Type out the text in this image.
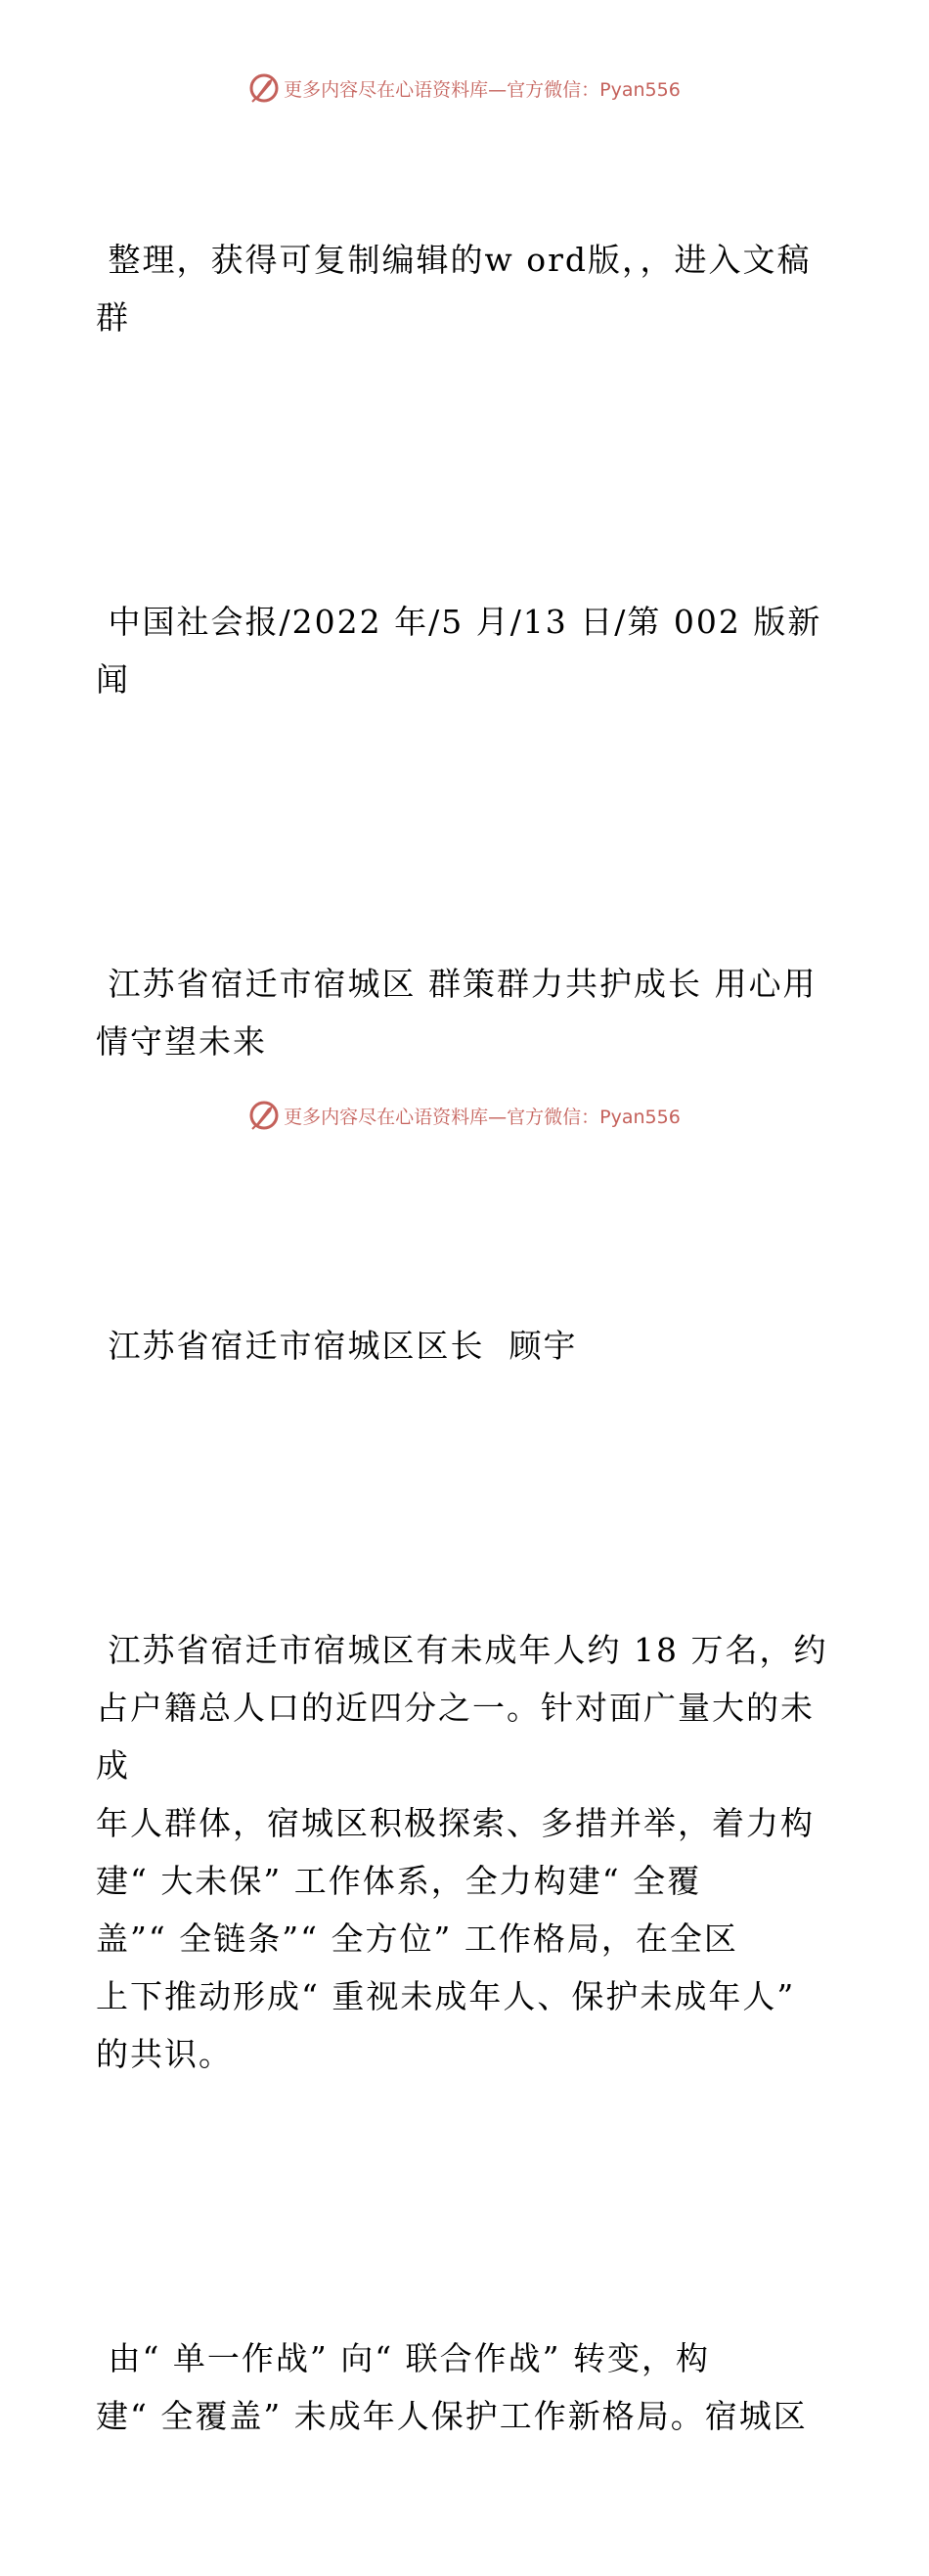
更多内容尽在心语资料库—官方微信：Pyan556

整理，获得可复制编辑的w ord版，，进入文稿
群

中国社会报/2022 年/5 月/13 日/第 002 版新闻

江苏省宿迁市宿城区 群策群力共护成长 用心用
情守望未来

江苏省宿迁市宿城区区长  顾宇

江苏省宿迁市宿城区有未成年人约 18 万名，约
占户籍总人口的近四分之一。针对面广量大的未成
年人群体，宿城区积极探索、多措并举，着力构
建“ 大未保” 工作体系，全力构建“ 全覆
盖”“ 全链条”“ 全方位” 工作格局，在全区
上下推动形成“ 重视未成年人、保护未成年人”
的共识。

由“ 单一作战” 向“ 联合作战” 转变，构
建“ 全覆盖” 未成年人保护工作新格局。宿城区

更多内容尽在心语资料库—官方微信：Pyan556
